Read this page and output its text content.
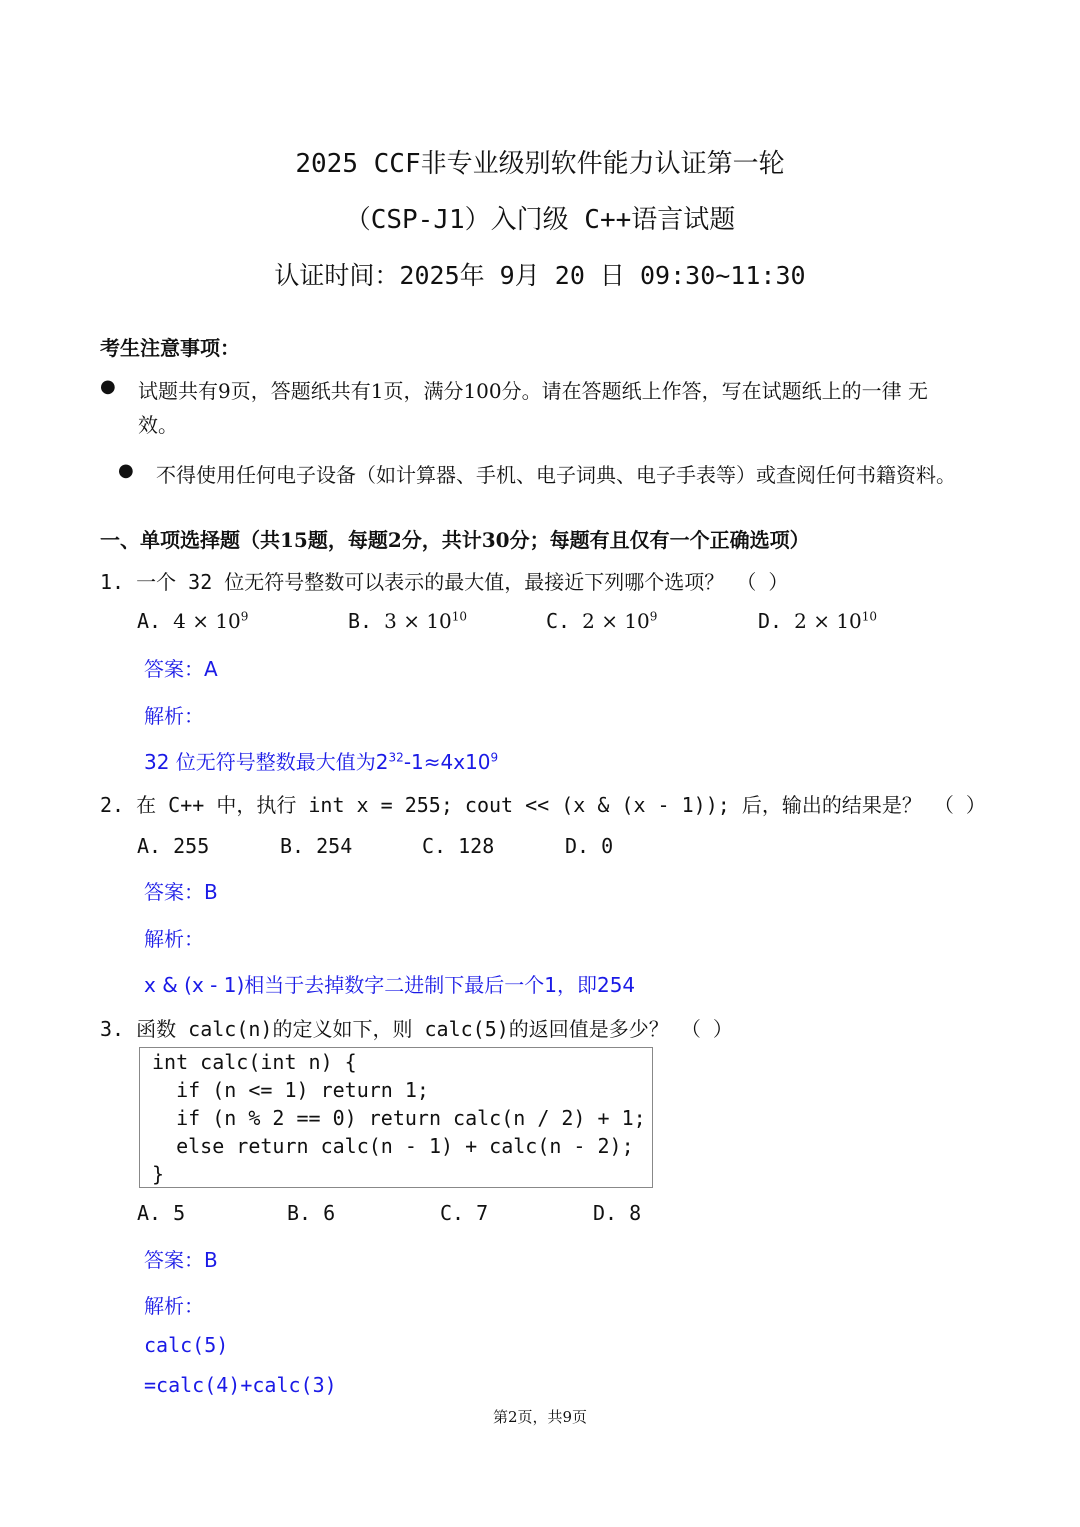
2025 CCF非专业级别软件能力认证第一轮
（CSP-J1）入门级 C++语言试题
认证时间：2025年 9月 20 日 09:30~11:30
考生注意事项：
● 试题共有9页，答题纸共有1页，满分100分。请在答题纸上作答，写在试题纸上的一律 无
效。
● 不得使用任何电子设备（如计算器、手机、电子词典、电子手表等）或查阅任何书籍资料。
一、单项选择题（共15题，每题2分，共计30分；每题有且仅有一个正确选项）
1. 一个 32 位无符号整数可以表示的最大值，最接近下列哪个选项？ （ ）
A. $4 \times 10^9$	B. $3 \times 10^{10}$	C. $2 \times 10^9$	D. $2 \times 10^{10}$
答案：A
解析：
32 位无符号整数最大值为$2^{32}-1\approx 4x10^9$
2. 在 C++ 中，执行 int x = 255; cout << (x & (x - 1)); 后，输出的结果是？ （ ）
A. 255	B. 254	C. 128	D. 0
答案：B
解析：
x & (x - 1)相当于去掉数字二进制下最后一个1，即254
3. 函数 calc(n)的定义如下，则 calc(5)的返回值是多少？ （ ）
int calc(int n) {
if (n <= 1) return 1;
if (n % 2 == 0) return calc(n / 2) + 1;
else return calc(n - 1) + calc(n - 2);
}
A. 5	B. 6	C. 7	D. 8
答案：B
解析：
calc(5)
=calc(4)+calc(3)
第2页，共9页
